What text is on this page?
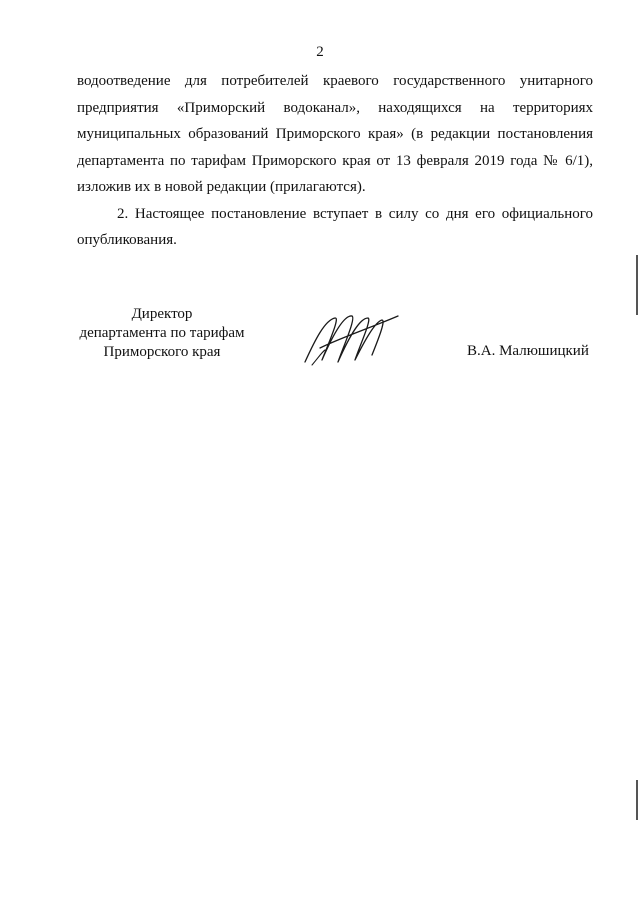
2
водоотведение для потребителей краевого государственного унитарного
предприятия «Приморский водоканал», находящихся на территориях
муниципальных образований Приморского края» (в редакции постановления
департамента по тарифам Приморского края от 13 февраля 2019 года № 6/1),
изложив их в новой редакции (прилагаются).
2. Настоящее постановление вступает в силу со дня его официального
опубликования.
Директор
департамента по тарифам
Приморского края	В.А. Малюшицкий
